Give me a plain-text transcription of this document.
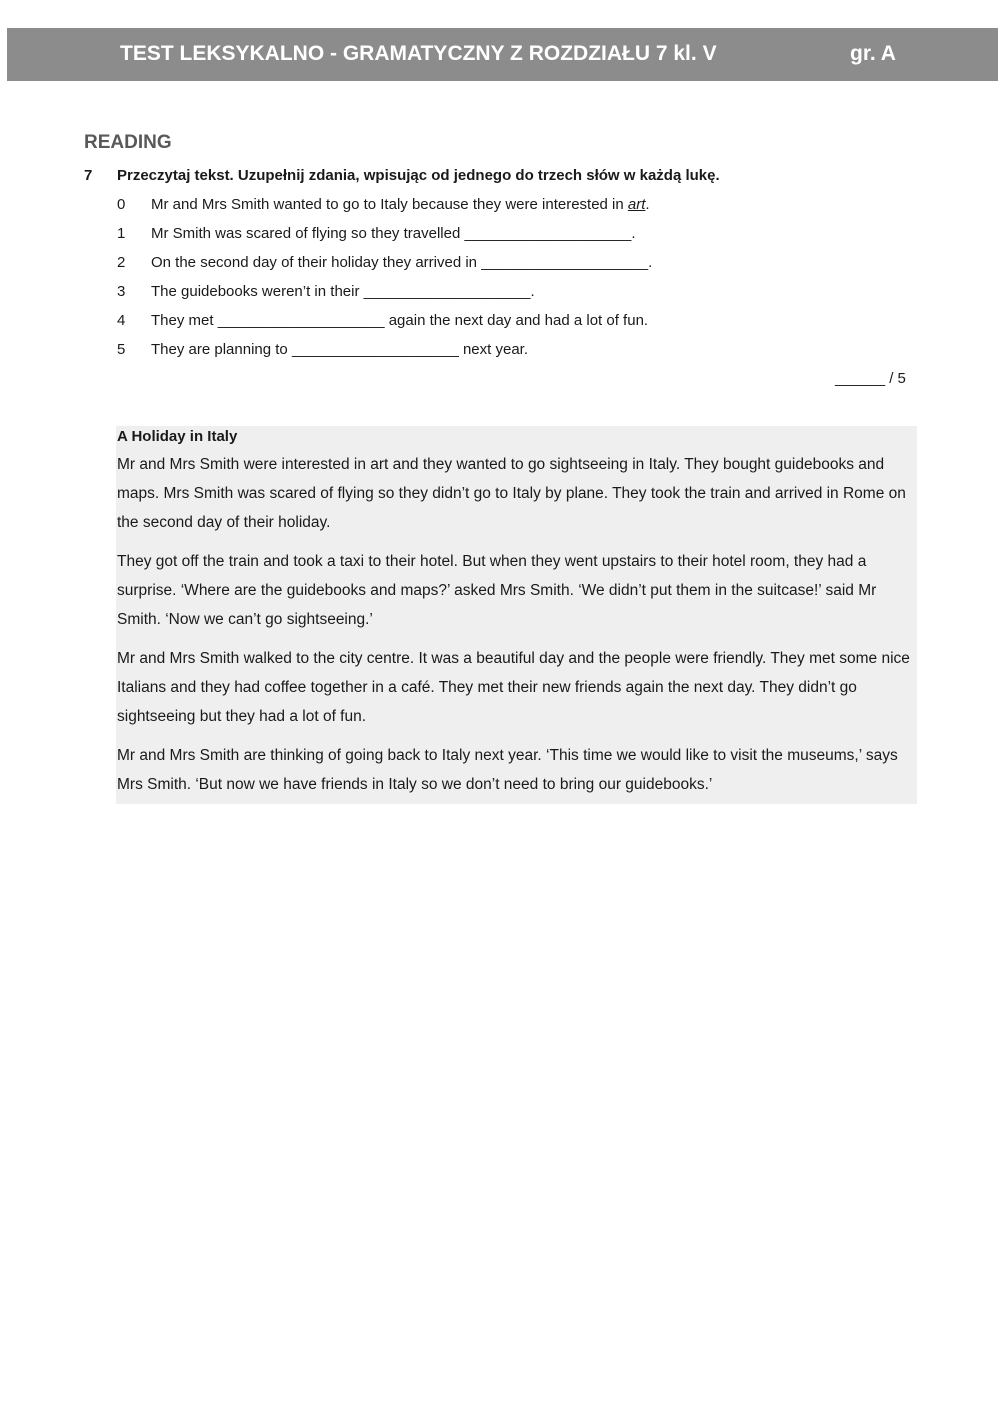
TEST LEKSYKALNO - GRAMATYCZNY Z ROZDZIAŁU 7 kl. V	gr. A
READING
7 Przeczytaj tekst. Uzupełnij zdania, wpisując od jednego do trzech słów w każdą lukę.
0 Mr and Mrs Smith wanted to go to Italy because they were interested in art.
1 Mr Smith was scared of flying so they travelled ____________________.
2 On the second day of their holiday they arrived in ____________________.
3 The guidebooks weren’t in their ____________________.
4 They met ____________________ again the next day and had a lot of fun.
5 They are planning to ____________________ next year.
______ / 5
A Holiday in Italy

Mr and Mrs Smith were interested in art and they wanted to go sightseeing in Italy. They bought guidebooks and maps. Mrs Smith was scared of flying so they didn’t go to Italy by plane. They took the train and arrived in Rome on the second day of their holiday.

They got off the train and took a taxi to their hotel. But when they went upstairs to their hotel room, they had a surprise. ‘Where are the guidebooks and maps?’ asked Mrs Smith. ‘We didn’t put them in the suitcase!’ said Mr Smith. ‘Now we can’t go sightseeing.’

Mr and Mrs Smith walked to the city centre. It was a beautiful day and the people were friendly. They met some nice Italians and they had coffee together in a café. They met their new friends again the next day. They didn’t go sightseeing but they had a lot of fun.

Mr and Mrs Smith are thinking of going back to Italy next year. ‘This time we would like to visit the museums,’ says Mrs Smith. ‘But now we have friends in Italy so we don’t need to bring our guidebooks.’
